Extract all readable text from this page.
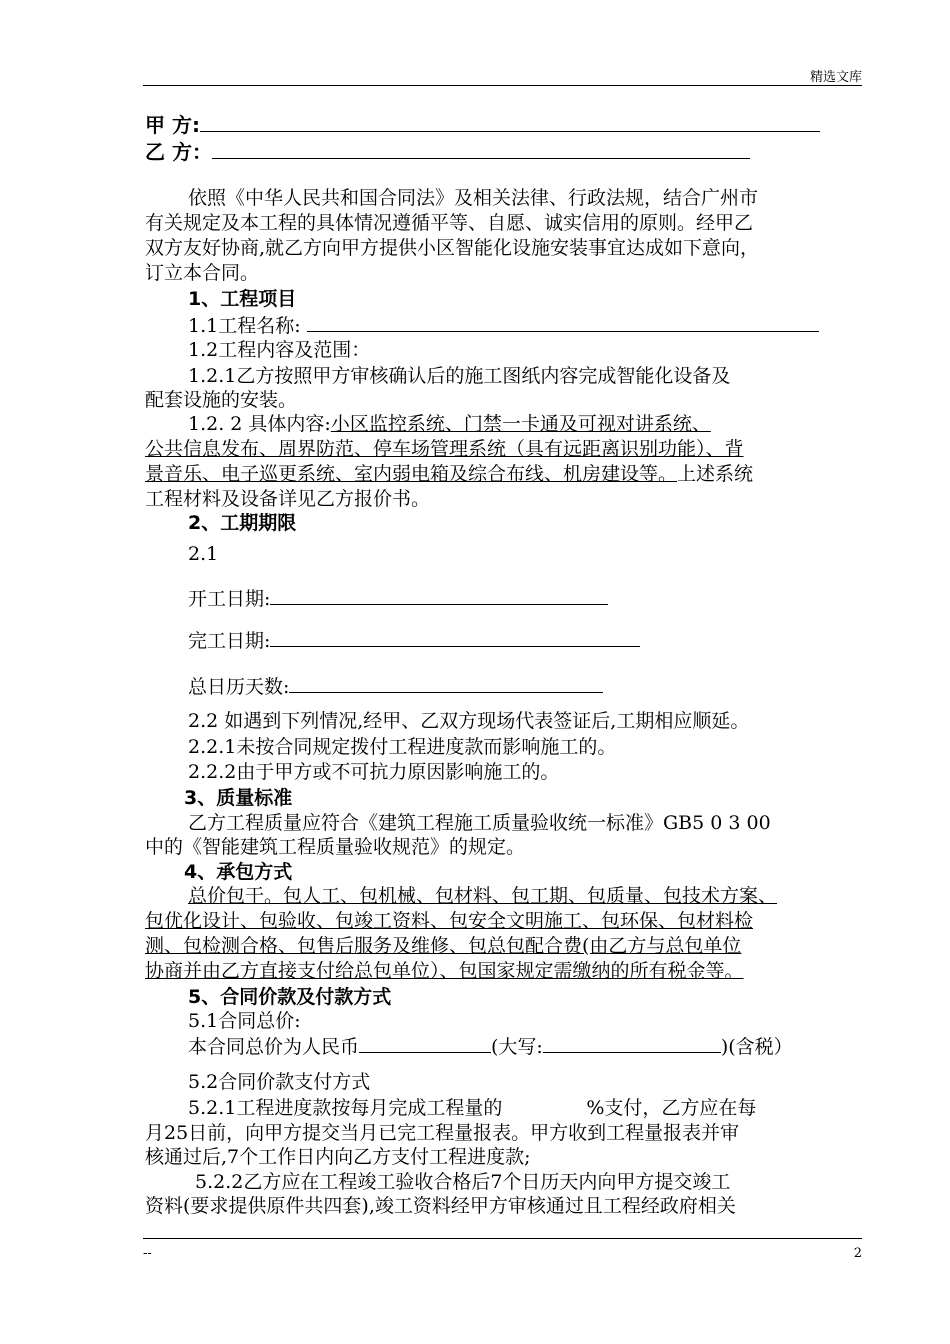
精选文库
甲 方:
乙 方：
依照《中华人民共和国合同法》及相关法律、行政法规，结合广州市
有关规定及本工程的具体情况遵循平等、自愿、诚实信用的原则。经甲乙
双方友好协商,就乙方向甲方提供小区智能化设施安装事宜达成如下意向，
订立本合同。
1、工程项目
1.1工程名称:
1.2工程内容及范围：
1.2.1乙方按照甲方审核确认后的施工图纸内容完成智能化设备及
配套设施的安装。
1.2. 2 具体内容:小区监控系统、门禁一卡通及可视对讲系统、
公共信息发布、周界防范、停车场管理系统（具有远距离识别功能）、背
景音乐、电子巡更系统、室内弱电箱及综合布线、机房建设等。上述系统
工程材料及设备详见乙方报价书。
2、工期期限
2.1
开工日期:
完工日期:
总日历天数:
2.2 如遇到下列情况,经甲、乙双方现场代表签证后,工期相应顺延。
2.2.1未按合同规定拨付工程进度款而影响施工的。
2.2.2由于甲方或不可抗力原因影响施工的。
3、质量标准
乙方工程质量应符合《建筑工程施工质量验收统一标准》GB5 0 3 00
中的《智能建筑工程质量验收规范》的规定。
4、承包方式
总价包干。包人工、包机械、包材料、包工期、包质量、包技术方案、
包优化设计、包验收、包竣工资料、包安全文明施工、包环保、包材料检
测、包检测合格、包售后服务及维修、包总包配合费(由乙方与总包单位
协商并由乙方直接支付给总包单位）、包国家规定需缴纳的所有税金等。
5、合同价款及付款方式
5.1合同总价:
本合同总价为人民币	(大写:	)(含税）
5.2合同价款支付方式
5.2.1工程进度款按每月完成工程量的	%支付，乙方应在每
月25日前，向甲方提交当月已完工程量报表。甲方收到工程量报表并审
核通过后,7个工作日内向乙方支付工程进度款;
5.2.2乙方应在工程竣工验收合格后7个日历天内向甲方提交竣工
资料(要求提供原件共四套),竣工资料经甲方审核通过且工程经政府相关
--	2
